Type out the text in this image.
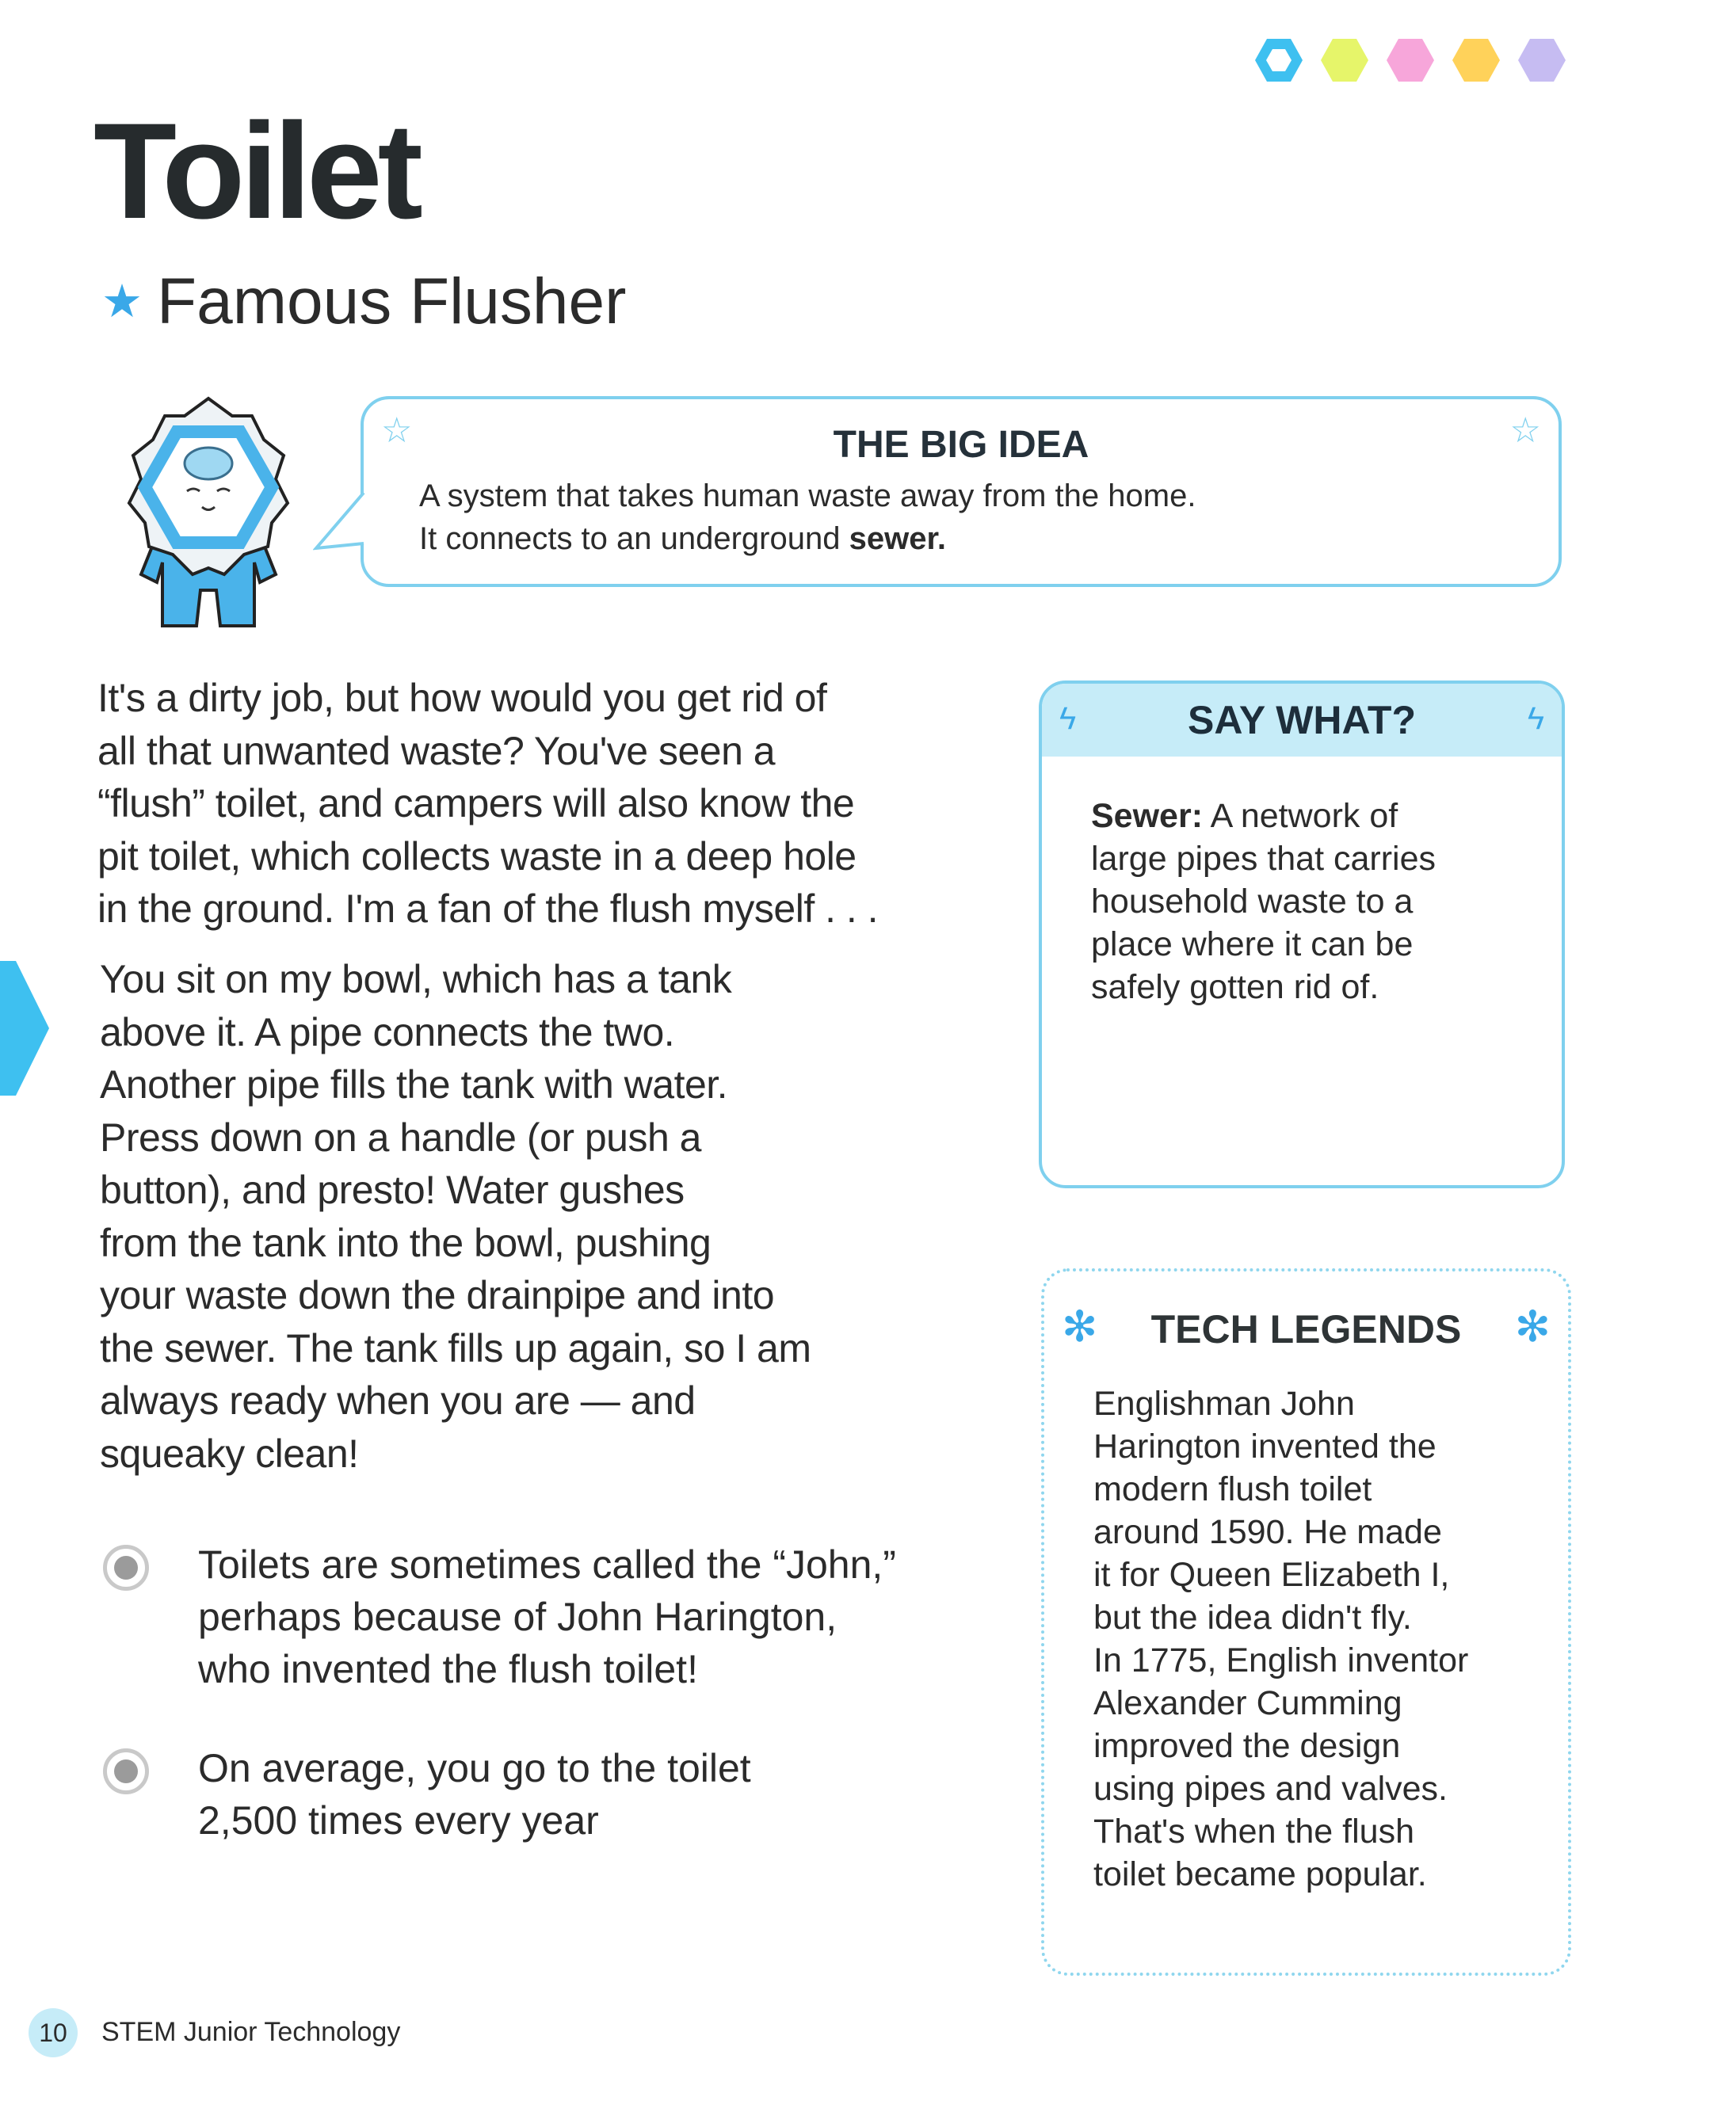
Toilet
★ Famous Flusher
☆	☆
THE BIG IDEA
A system that takes human waste away from the home.
It connects to an underground sewer.
It's a dirty job, but how would you get rid of
all that unwanted waste? You've seen a
“flush” toilet, and campers will also know the
pit toilet, which collects waste in a deep hole
in the ground. I'm a fan of the flush myself . . .
You sit on my bowl, which has a tank
above it. A pipe connects the two.
Another pipe fills the tank with water.
Press down on a handle (or push a
button), and presto! Water gushes
from the tank into the bowl, pushing
your waste down the drainpipe and into
the sewer. The tank fills up again, so I am
always ready when you are — and
squeaky clean!
Toilets are sometimes called the “John,”
perhaps because of John Harington,
who invented the flush toilet!
On average, you go to the toilet
2,500 times every year
ϟ	SAY WHAT?	ϟ
Sewer: A network of
large pipes that carries
household waste to a
place where it can be
safely gotten rid of.
✻	TECH LEGENDS	✻
Englishman John
Harington invented the
modern flush toilet
around 1590. He made
it for Queen Elizabeth I,
but the idea didn't fly.
In 1775, English inventor
Alexander Cumming
improved the design
using pipes and valves.
That's when the flush
toilet became popular.
10 STEM Junior Technology
